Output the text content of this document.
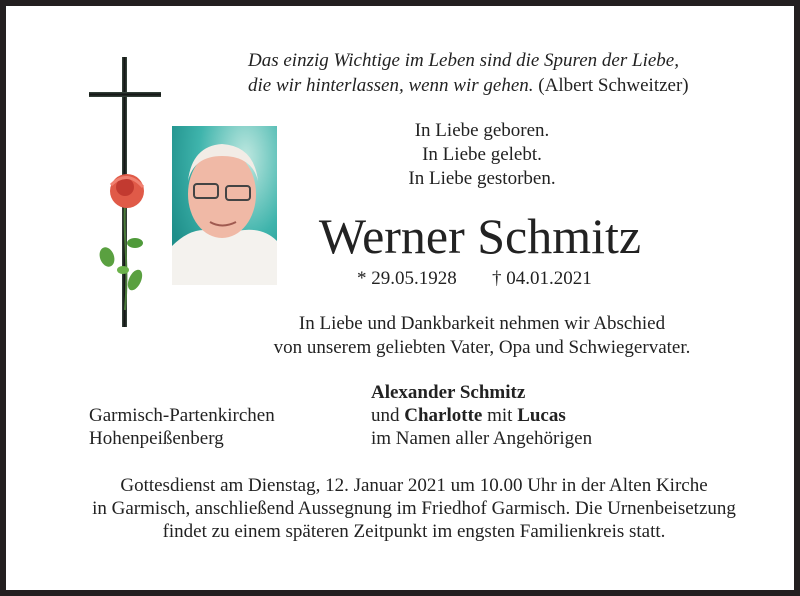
Das einzig Wichtige im Leben sind die Spuren der Liebe,
die wir hinterlassen, wenn wir gehen. (Albert Schweitzer)
In Liebe geboren.
In Liebe gelebt.
In Liebe gestorben.
Werner Schmitz
* 29.05.1928 † 04.01.2021
In Liebe und Dankbarkeit nehmen wir Abschied
von unserem geliebten Vater, Opa und Schwiegervater.
Garmisch-Partenkirchen
Hohenpeißenberg
Alexander Schmitz
und Charlotte mit Lucas
im Namen aller Angehörigen
Gottesdienst am Dienstag, 12. Januar 2021 um 10.00 Uhr in der Alten Kirche
in Garmisch, anschließend Aussegnung im Friedhof Garmisch. Die Urnenbeisetzung
findet zu einem späteren Zeitpunkt im engsten Familienkreis statt.
